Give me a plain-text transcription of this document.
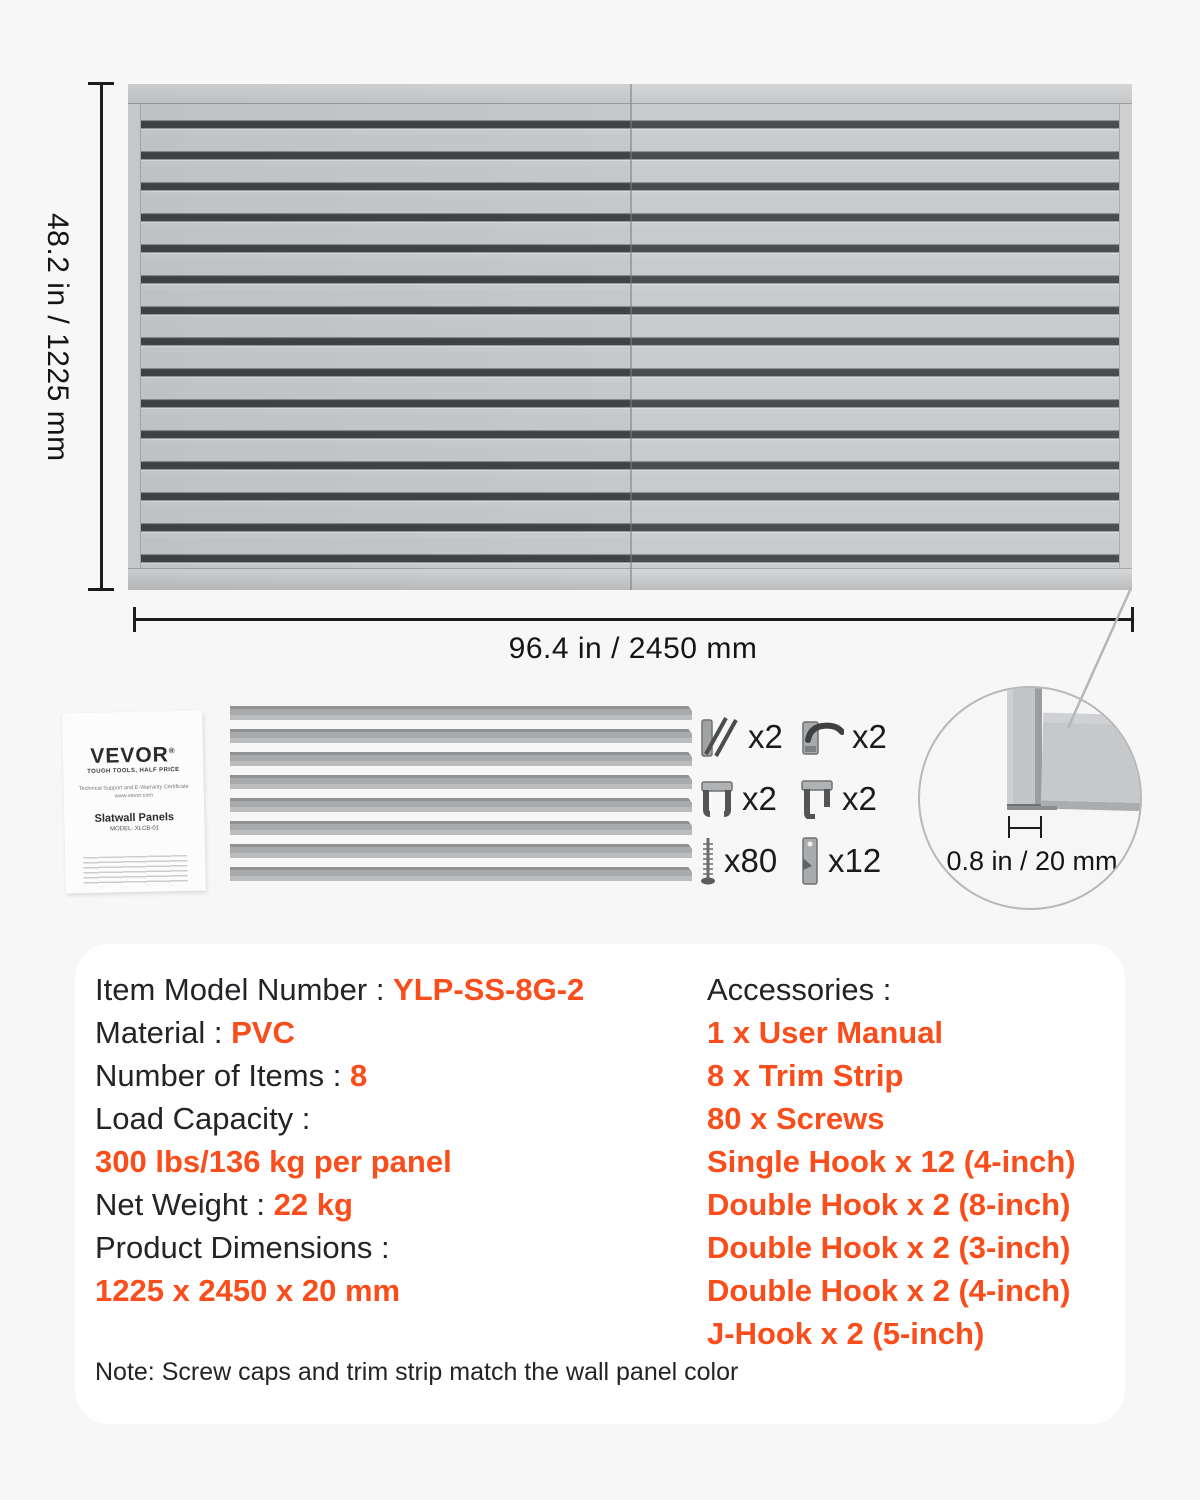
48.2 in / 1225 mm
96.4 in / 2450 mm
0.8 in / 20 mm
VEVOR®
TOUGH TOOLS, HALF PRICE
Technical Support and E-Warranty Certificate
www.vevor.com
Slatwall Panels
MODEL: XLCB-01
x2 x2
x2 x2
x80 x12
Item Model Number : YLP-SS-8G-2
Material : PVC
Number of Items : 8
Load Capacity :
300 lbs/136 kg per panel
Net Weight : 22 kg
Product Dimensions :
1225 x 2450 x 20 mm
Accessories :
1 x User Manual
8 x Trim Strip
80 x Screws
Single Hook x 12 (4-inch)
Double Hook x 2 (8-inch)
Double Hook x 2 (3-inch)
Double Hook x 2 (4-inch)
J-Hook x 2 (5-inch)
Note: Screw caps and trim strip match the wall panel color
